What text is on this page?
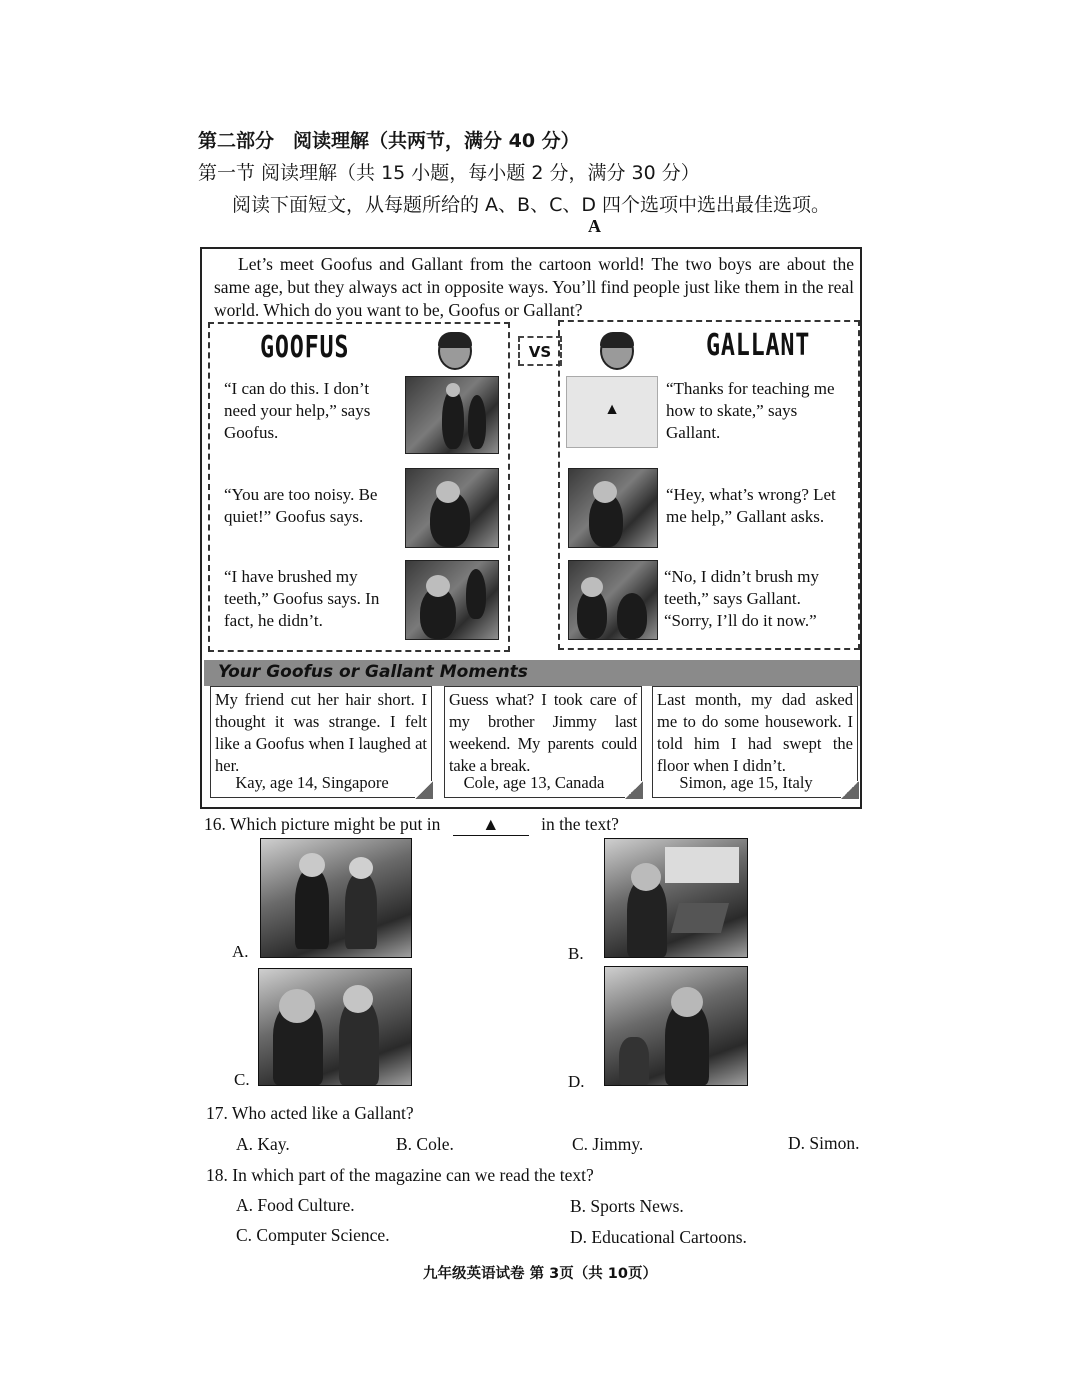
第二部分　阅读理解（共两节，满分 40 分）
第一节 阅读理解（共 15 小题，每小题 2 分，满分 30 分）
阅读下面短文，从每题所给的 A、B、C、D 四个选项中选出最佳选项。
A
Let’s meet Goofus and Gallant from the cartoon world! The two boys are about the same age, but they always act in opposite ways. You’ll find people just like them in the real world. Which do you want to be, Goofus or Gallant?
GOOFUS
“I can do this. I don’t need your help,” says Goofus.
“You are too noisy. Be quiet!” Goofus says.
“I have brushed my teeth,” Goofus says. In fact, he didn’t.
VS	GALLANT
“Thanks for teaching me how to skate,” says Gallant.
“Hey, what’s wrong? Let me help,” Gallant asks.
“No, I didn’t brush my teeth,” says Gallant. “Sorry, I’ll do it now.”
▲
Your Goofus or Gallant Moments
My friend cut her hair short. I thought it was strange. I felt like a Goofus when I laughed at her.
Kay, age 14, Singapore
Guess what? I took care of my brother Jimmy last weekend. My parents could take a break.
Cole, age 13, Canada
Last month, my dad asked me to do some housework. I told him I had swept the floor when I didn’t.
Simon, age 15, Italy
16. Which picture might be put in ▲ in the text?
A.	B.
C.	D.
17. Who acted like a Gallant?
A. Kay.	B. Cole.	C. Jimmy.	D. Simon.
18. In which part of the magazine can we read the text?
A. Food Culture.	B. Sports News.
C. Computer Science.	D. Educational Cartoons.
九年级英语试卷 第 3页（共 10页）
